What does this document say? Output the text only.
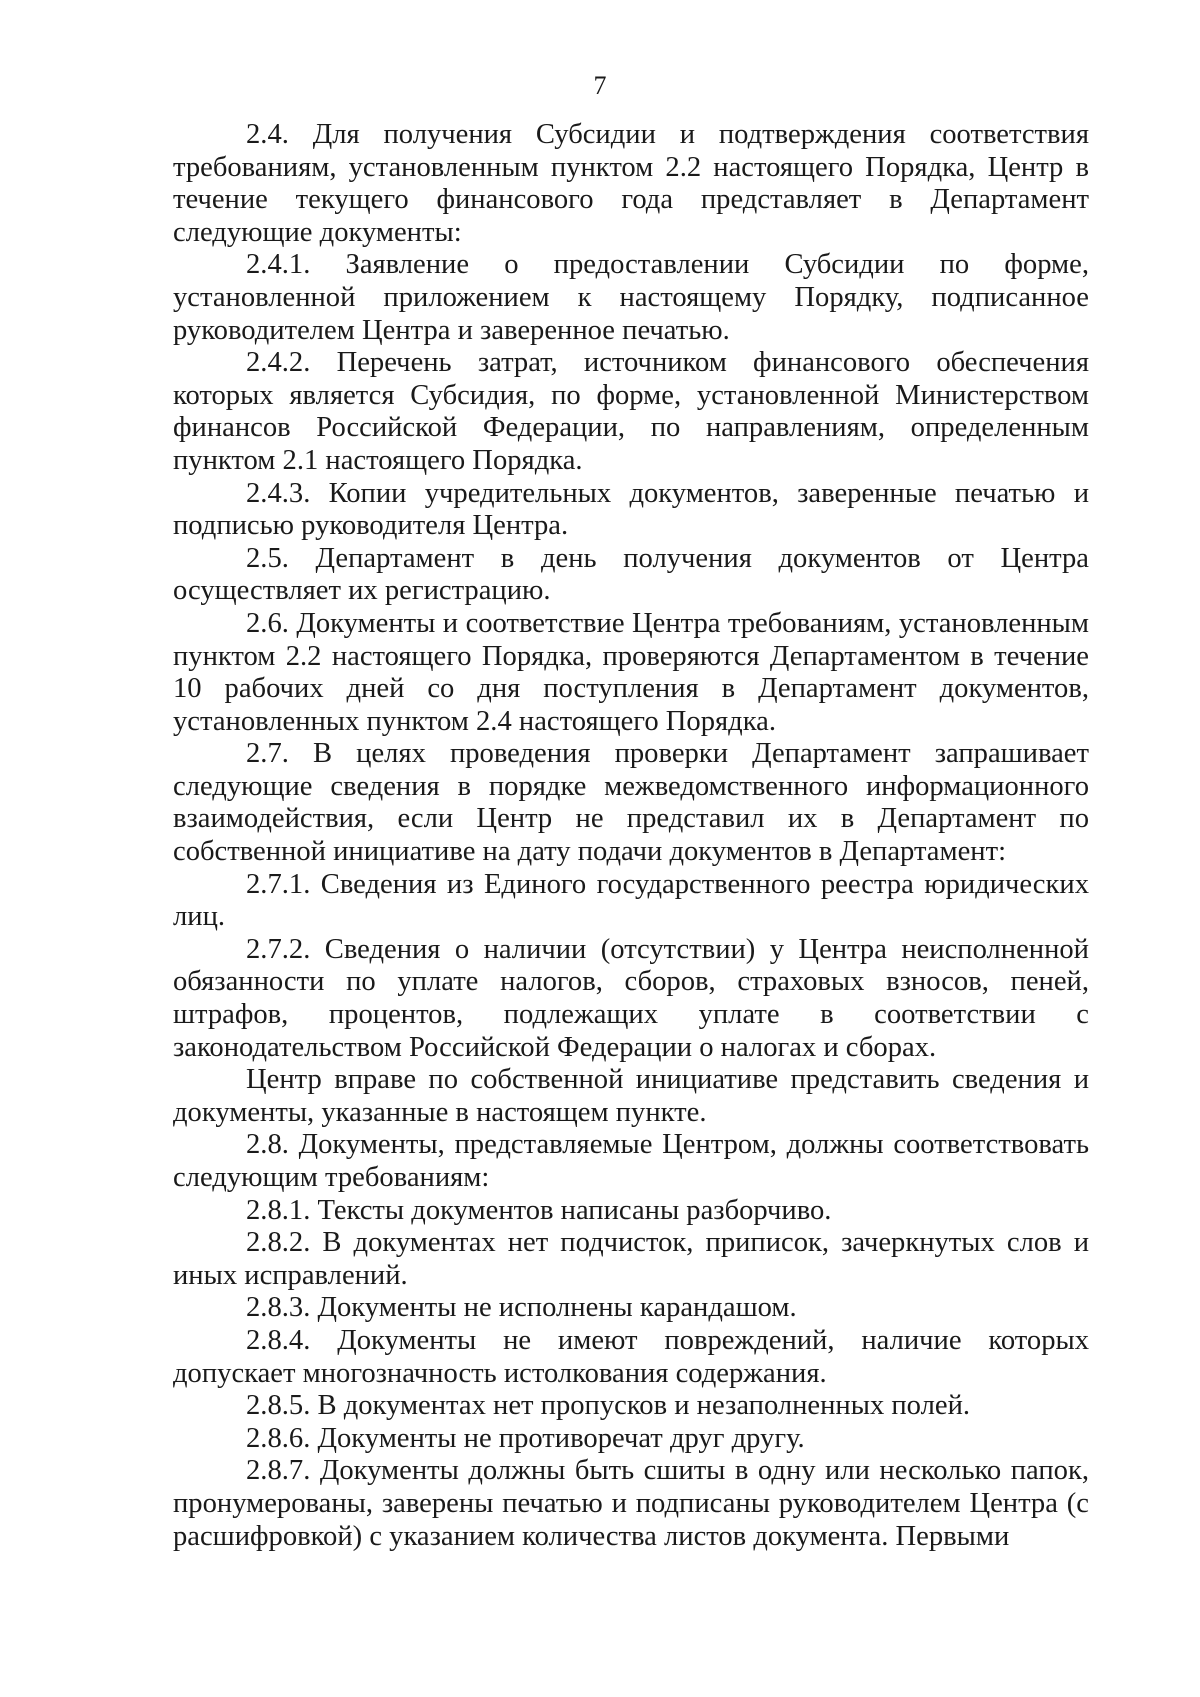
7

2.4. Для получения Субсидии и подтверждения соответствия требованиям, установленным пунктом 2.2 настоящего Порядка, Центр в течение текущего финансового года представляет в Департамент следующие документы:

2.4.1. Заявление о предоставлении Субсидии по форме, установленной приложением к настоящему Порядку, подписанное руководителем Центра и заверенное печатью.

2.4.2. Перечень затрат, источником финансового обеспечения которых является Субсидия, по форме, установленной Министерством финансов Российской Федерации, по направлениям, определенным пунктом 2.1 настоящего Порядка.

2.4.3. Копии учредительных документов, заверенные печатью и подписью руководителя Центра.

2.5. Департамент в день получения документов от Центра осуществляет их регистрацию.

2.6. Документы и соответствие Центра требованиям, установленным пунктом 2.2 настоящего Порядка, проверяются Департаментом в течение 10 рабочих дней со дня поступления в Департамент документов, установленных пунктом 2.4 настоящего Порядка.

2.7. В целях проведения проверки Департамент запрашивает следующие сведения в порядке межведомственного информационного взаимодействия, если Центр не представил их в Департамент по собственной инициативе на дату подачи документов в Департамент:

2.7.1. Сведения из Единого государственного реестра юридических лиц.

2.7.2. Сведения о наличии (отсутствии) у Центра неисполненной обязанности по уплате налогов, сборов, страховых взносов, пеней, штрафов, процентов, подлежащих уплате в соответствии с законодательством Российской Федерации о налогах и сборах.

Центр вправе по собственной инициативе представить сведения и документы, указанные в настоящем пункте.

2.8. Документы, представляемые Центром, должны соответствовать следующим требованиям:

2.8.1. Тексты документов написаны разборчиво.

2.8.2. В документах нет подчисток, приписок, зачеркнутых слов и иных исправлений.

2.8.3. Документы не исполнены карандашом.

2.8.4. Документы не имеют повреждений, наличие которых допускает многозначность истолкования содержания.

2.8.5. В документах нет пропусков и незаполненных полей.

2.8.6. Документы не противоречат друг другу.

2.8.7. Документы должны быть сшиты в одну или несколько папок, пронумерованы, заверены печатью и подписаны руководителем Центра (с расшифровкой) с указанием количества листов документа. Первыми
